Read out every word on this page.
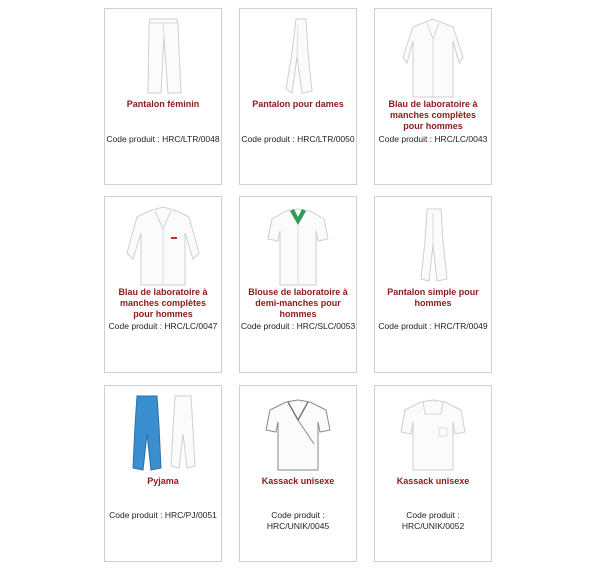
Pantalon féminin
Code produit : HRC/LTR/0048
Pantalon pour dames
Code produit : HRC/LTR/0050
Blau de laboratoire à manches complètes pour hommes
Code produit : HRC/LC/0043
Blau de laboratoire à manches complètes pour hommes
Code produit : HRC/LC/0047
Blouse de laboratoire à demi-manches pour hommes
Code produit : HRC/SLC/0053
Pantalon simple pour hommes
Code produit : HRC/TR/0049
Pyjama
Code produit : HRC/PJ/0051
Kassack unisexe
Code produit : HRC/UNIK/0045
Kassack unisexe
Code produit : HRC/UNIK/0052
